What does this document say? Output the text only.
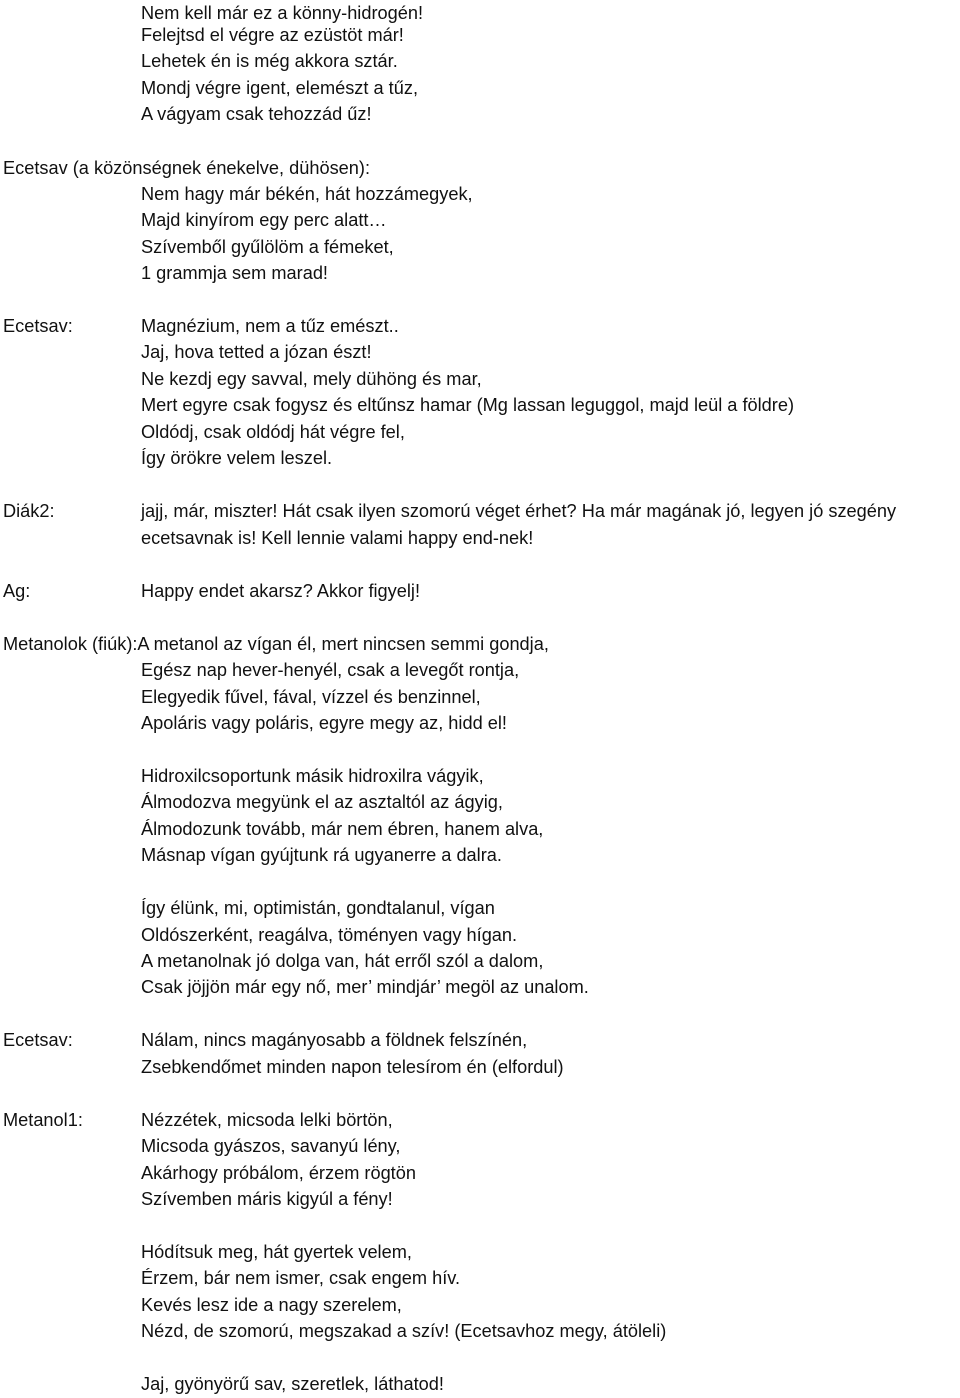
Nem kell már ez a könny-hidrogén!
Felejtsd el végre az ezüstöt már!
Lehetek én is még akkora sztár.
Mondj végre igent, elemészt a tűz,
A vágyam csak tehozzád űz!
Ecetsav (a közönségnek énekelve, dühösen):
Nem hagy már békén, hát hozzámegyek,
Majd kinyírom egy perc alatt…
Szívemből gyűlölöm a fémeket,
1 grammja sem marad!
Ecetsav:	Magnézium, nem a tűz emészt..
Jaj, hova tetted a józan észt!
Ne kezdj egy savval, mely dühöng és mar,
Mert egyre csak fogysz és eltűnsz hamar (Mg lassan leguggol, majd leül a földre)
Oldódj, csak oldódj hát végre fel,
Így örökre velem leszel.
Diák2:	jajj, már, miszter! Hát csak ilyen szomorú véget érhet? Ha már magának jó, legyen jó szegény
ecetsavnak is! Kell lennie valami happy end-nek!
Ag:	Happy endet akarsz? Akkor figyelj!
Metanolok (fiúk):A metanol az vígan él, mert nincsen semmi gondja,
Egész nap hever-henyél, csak a levegőt rontja,
Elegyedik fűvel, fával, vízzel és benzinnel,
Apoláris vagy poláris, egyre megy az, hidd el!
Hidroxilcsoportunk másik hidroxilra vágyik,
Álmodozva megyünk el az asztaltól az ágyig,
Álmodozunk tovább, már nem ébren, hanem alva,
Másnap vígan gyújtunk rá ugyanerre a dalra.
Így élünk, mi, optimistán, gondtalanul, vígan
Oldószerként, reagálva, töményen vagy hígan.
A metanolnak jó dolga van, hát erről szól a dalom,
Csak jöjjön már egy nő, mer’ mindjár’ megöl az unalom.
Ecetsav:	Nálam, nincs magányosabb a földnek felszínén,
Zsebkendőmet minden napon telesírom én (elfordul)
Metanol1:	Nézzétek, micsoda lelki börtön,
Micsoda gyászos, savanyú lény,
Akárhogy próbálom, érzem rögtön
Szívemben máris kigyúl a fény!
Hódítsuk meg, hát gyertek velem,
Érzem, bár nem ismer, csak engem hív.
Kevés lesz ide a nagy szerelem,
Nézd, de szomorú, megszakad a szív! (Ecetsavhoz megy, átöleli)
Jaj, gyönyörű sav, szeretlek, láthatod!
